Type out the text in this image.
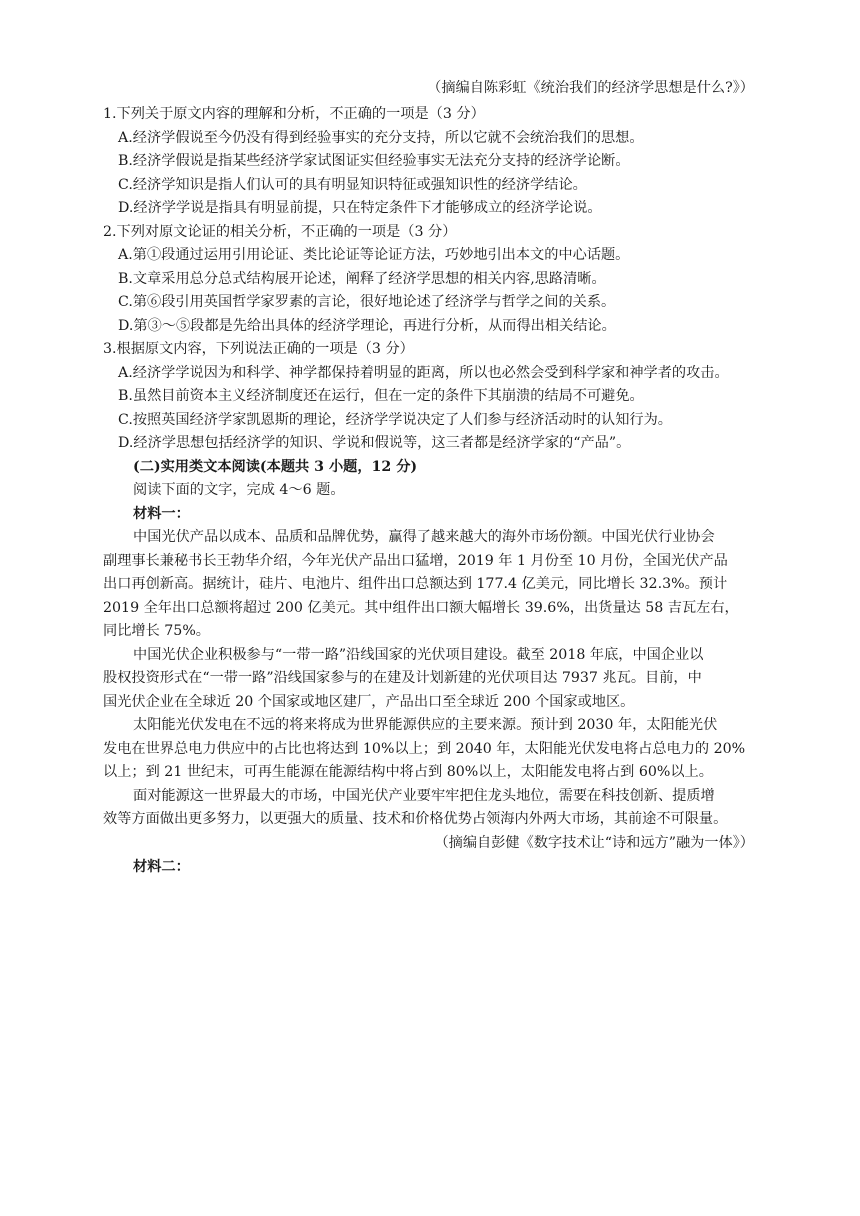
（摘编自陈彩虹《统治我们的经济学思想是什么?》）
1.下列关于原文内容的理解和分析，不正确的一项是（3 分）
A.经济学假说至今仍没有得到经验事实的充分支持，所以它就不会统治我们的思想。
B.经济学假说是指某些经济学家试图证实但经验事实无法充分支持的经济学论断。
C.经济学知识是指人们认可的具有明显知识特征或强知识性的经济学结论。
D.经济学学说是指具有明显前提，只在特定条件下才能够成立的经济学论说。
2.下列对原文论证的相关分析，不正确的一项是（3 分）
A.第①段通过运用引用论证、类比论证等论证方法，巧妙地引出本文的中心话题。
B.文章采用总分总式结构展开论述，阐释了经济学思想的相关内容,思路清晰。
C.第⑥段引用英国哲学家罗素的言论，很好地论述了经济学与哲学之间的关系。
D.第③～⑤段都是先给出具体的经济学理论，再进行分析，从而得出相关结论。
3.根据原文内容，下列说法正确的一项是（3 分）
A.经济学学说因为和科学、神学都保持着明显的距离，所以也必然会受到科学家和神学者的攻击。
B.虽然目前资本主义经济制度还在运行，但在一定的条件下其崩溃的结局不可避免。
C.按照英国经济学家凯恩斯的理论，经济学学说决定了人们参与经济活动时的认知行为。
D.经济学思想包括经济学的知识、学说和假说等，这三者都是经济学家的“产品”。
(二)实用类文本阅读(本题共 3 小题，12 分)
阅读下面的文字，完成 4～6 题。
材料一：
中国光伏产品以成本、品质和品牌优势，赢得了越来越大的海外市场份额。中国光伏行业协会
副理事长兼秘书长王勃华介绍，今年光伏产品出口猛增，2019 年 1 月份至 10 月份，全国光伏产品
出口再创新高。据统计，硅片、电池片、组件出口总额达到 177.4 亿美元，同比增长 32.3%。预计
2019 全年出口总额将超过 200 亿美元。其中组件出口额大幅增长 39.6%，出货量达 58 吉瓦左右，
同比增长 75%。
中国光伏企业积极参与“一带一路”沿线国家的光伏项目建设。截至 2018 年底，中国企业以
股权投资形式在“一带一路”沿线国家参与的在建及计划新建的光伏项目达 7937 兆瓦。目前，中
国光伏企业在全球近 20 个国家或地区建厂，产品出口至全球近 200 个国家或地区。
太阳能光伏发电在不远的将来将成为世界能源供应的主要来源。预计到 2030 年，太阳能光伏
发电在世界总电力供应中的占比也将达到 10%以上；到 2040 年，太阳能光伏发电将占总电力的 20%
以上；到 21 世纪末，可再生能源在能源结构中将占到 80%以上，太阳能发电将占到 60%以上。
面对能源这一世界最大的市场，中国光伏产业要牢牢把住龙头地位，需要在科技创新、提质增
效等方面做出更多努力，以更强大的质量、技术和价格优势占领海内外两大市场，其前途不可限量。
（摘编自彭健《数字技术让“诗和远方”融为一体》）
材料二：
